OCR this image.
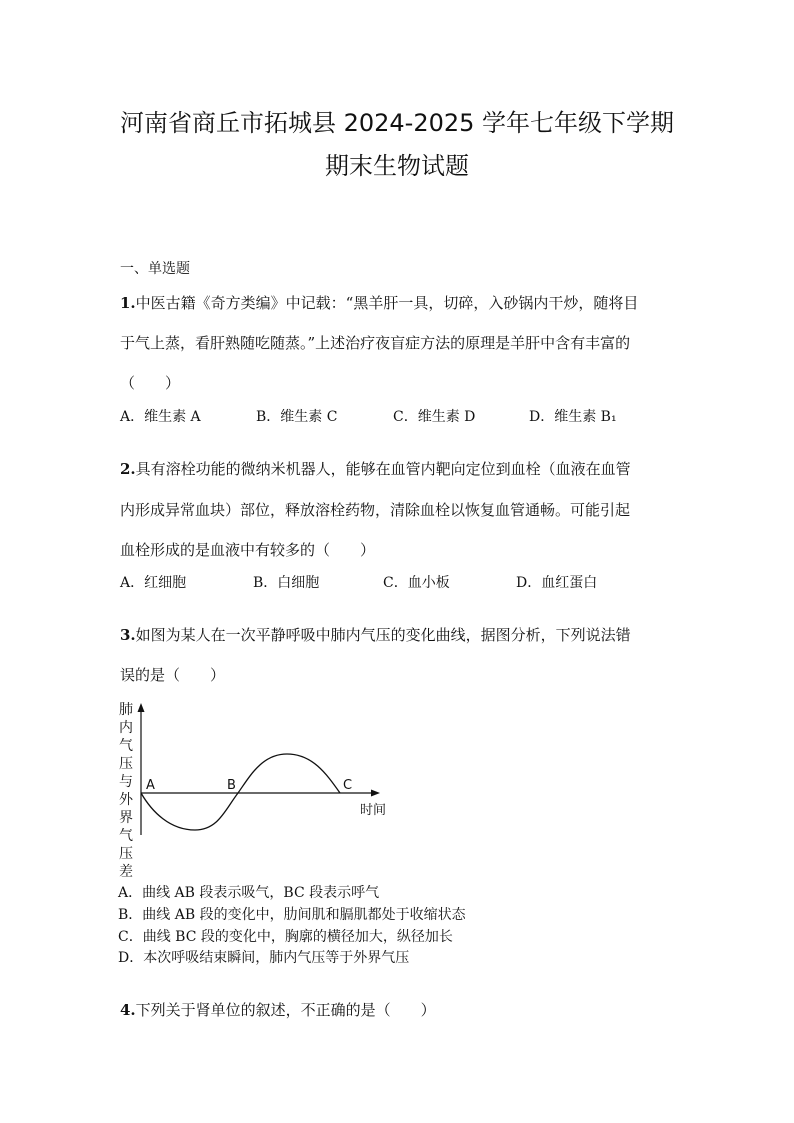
河南省商丘市拓城县 2024-2025 学年七年级下学期
期末生物试题
一、单选题
1.中医古籍《奇方类编》中记载：“黑羊肝一具，切碎，入砂锅内干炒，随将目
于气上蒸，看肝熟随吃随蒸。”上述治疗夜盲症方法的原理是羊肝中含有丰富的
（　　）
A．维生素 A	B．维生素 C	C．维生素 D	D．维生素 B₁
2.具有溶栓功能的微纳米机器人，能够在血管内靶向定位到血栓（血液在血管
内形成异常血块）部位，释放溶栓药物，清除血栓以恢复血管通畅。可能引起
血栓形成的是血液中有较多的（　　）
A．红细胞	B．白细胞	C．血小板	D．血红蛋白
3.如图为某人在一次平静呼吸中肺内气压的变化曲线，据图分析，下列说法错
误的是（　　）
肺
内
气
压
与
外
界
气
压
差
A	B	C
时间
A．曲线 AB 段表示吸气，BC 段表示呼气
B．曲线 AB 段的变化中，肋间肌和膈肌都处于收缩状态
C．曲线 BC 段的变化中，胸廓的横径加大，纵径加长
D．本次呼吸结束瞬间，肺内气压等于外界气压
4.下列关于肾单位的叙述，不正确的是（　　）
